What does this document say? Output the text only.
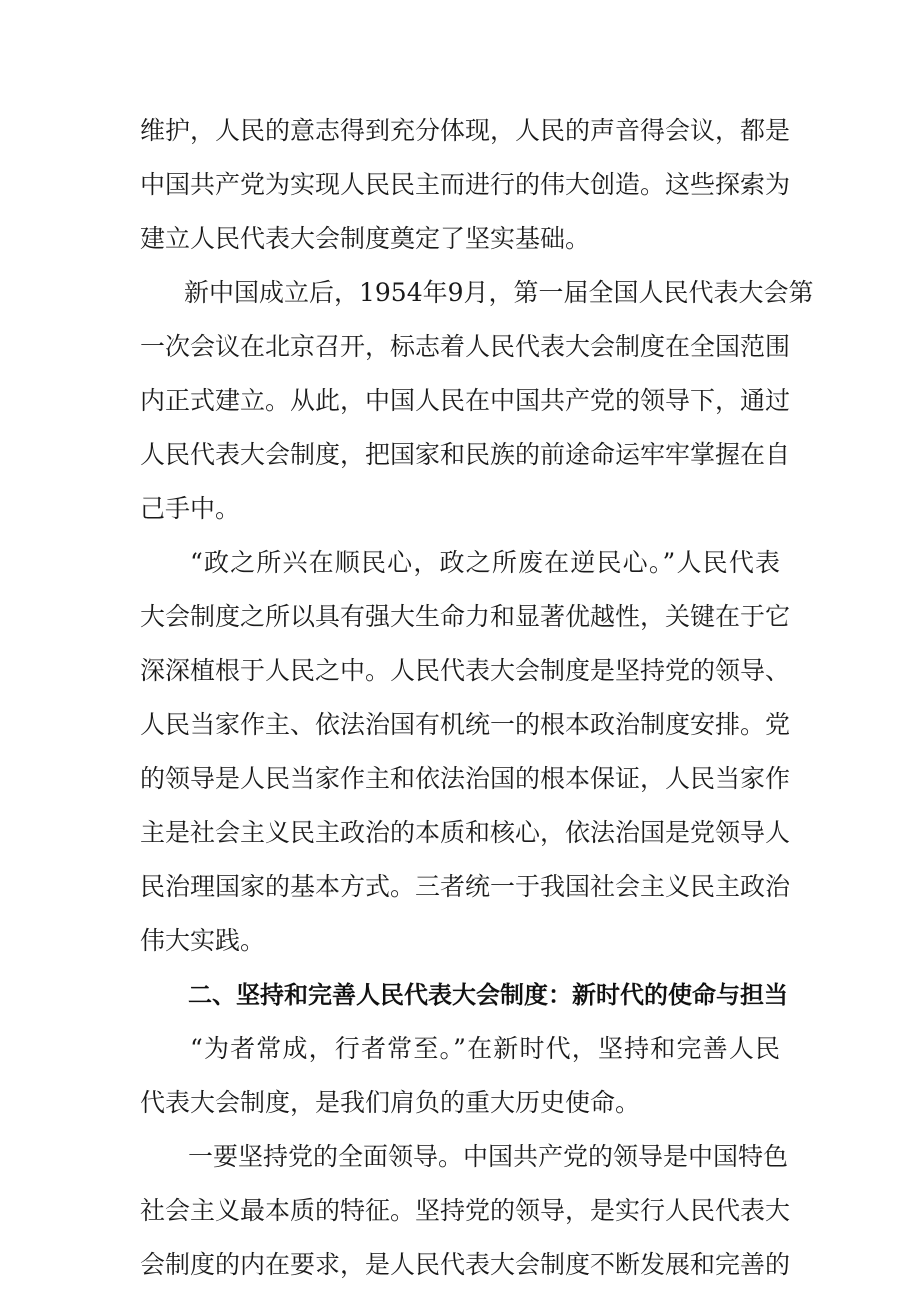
维护，人民的意志得到充分体现，人民的声音得会议，都是
中国共产党为实现人民民主而进行的伟大创造。这些探索为
建立人民代表大会制度奠定了坚实基础。
新中国成立后，1954年9月，第一届全国人民代表大会第
一次会议在北京召开，标志着人民代表大会制度在全国范围
内正式建立。从此，中国人民在中国共产党的领导下，通过
人民代表大会制度，把国家和民族的前途命运牢牢掌握在自
己手中。
“政之所兴在顺民心，政之所废在逆民心。”人民代表
大会制度之所以具有强大生命力和显著优越性，关键在于它
深深植根于人民之中。人民代表大会制度是坚持党的领导、
人民当家作主、依法治国有机统一的根本政治制度安排。党
的领导是人民当家作主和依法治国的根本保证，人民当家作
主是社会主义民主政治的本质和核心，依法治国是党领导人
民治理国家的基本方式。三者统一于我国社会主义民主政治
伟大实践。
二、坚持和完善人民代表大会制度：新时代的使命与担当
“为者常成，行者常至。”在新时代，坚持和完善人民
代表大会制度，是我们肩负的重大历史使命。
一要坚持党的全面领导。中国共产党的领导是中国特色
社会主义最本质的特征。坚持党的领导，是实行人民代表大
会制度的内在要求，是人民代表大会制度不断发展和完善的
